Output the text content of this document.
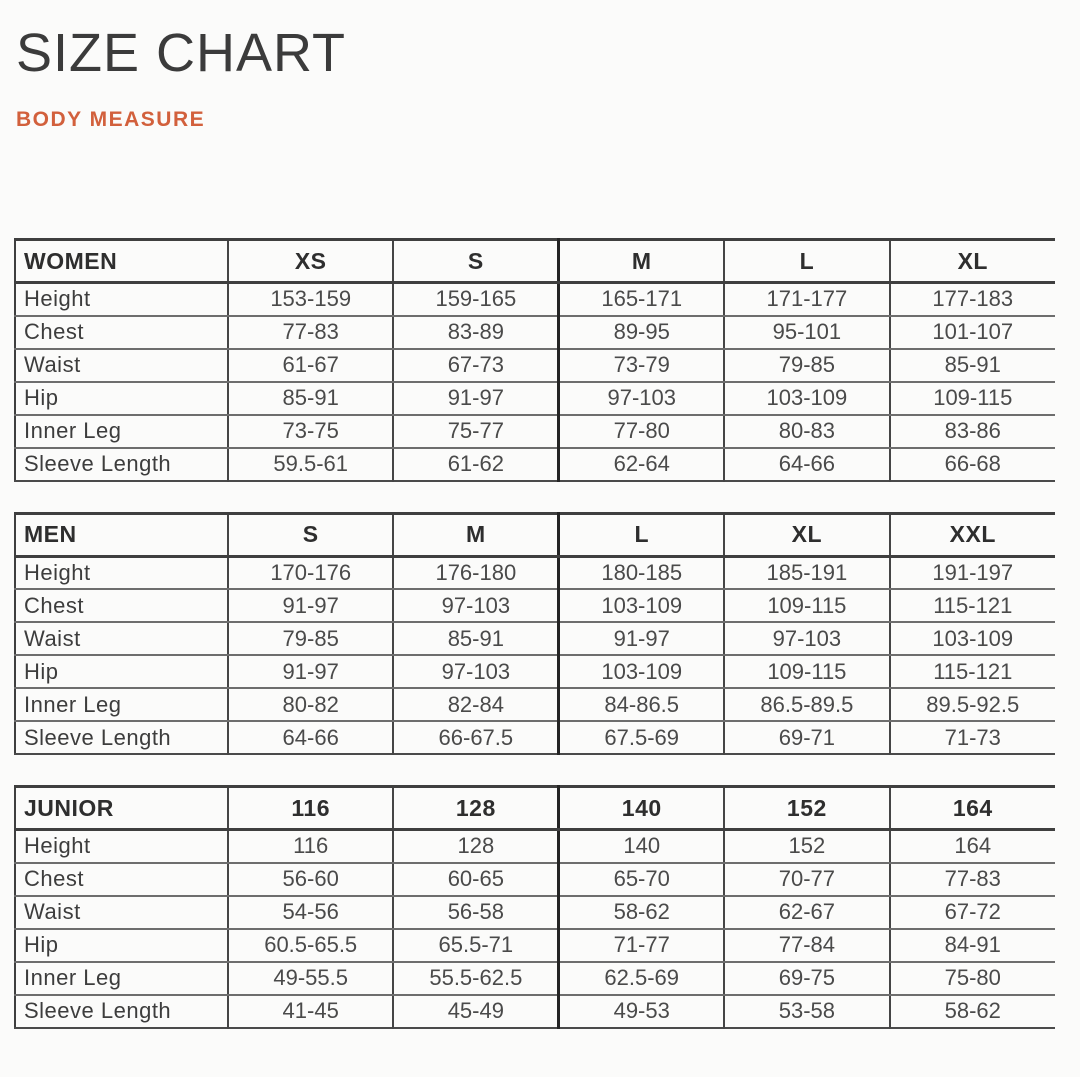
SIZE CHART
BODY MEASURE
WOMEN	XS	S	M	L	XL
Height	153-159	159-165	165-171	171-177	177-183
Chest	77-83	83-89	89-95	95-101	101-107
Waist	61-67	67-73	73-79	79-85	85-91
Hip	85-91	91-97	97-103	103-109	109-115
Inner Leg	73-75	75-77	77-80	80-83	83-86
Sleeve Length	59.5-61	61-62	62-64	64-66	66-68
MEN	S	M	L	XL	XXL
Height	170-176	176-180	180-185	185-191	191-197
Chest	91-97	97-103	103-109	109-115	115-121
Waist	79-85	85-91	91-97	97-103	103-109
Hip	91-97	97-103	103-109	109-115	115-121
Inner Leg	80-82	82-84	84-86.5	86.5-89.5	89.5-92.5
Sleeve Length	64-66	66-67.5	67.5-69	69-71	71-73
JUNIOR	116	128	140	152	164
Height	116	128	140	152	164
Chest	56-60	60-65	65-70	70-77	77-83
Waist	54-56	56-58	58-62	62-67	67-72
Hip	60.5-65.5	65.5-71	71-77	77-84	84-91
Inner Leg	49-55.5	55.5-62.5	62.5-69	69-75	75-80
Sleeve Length	41-45	45-49	49-53	53-58	58-62
